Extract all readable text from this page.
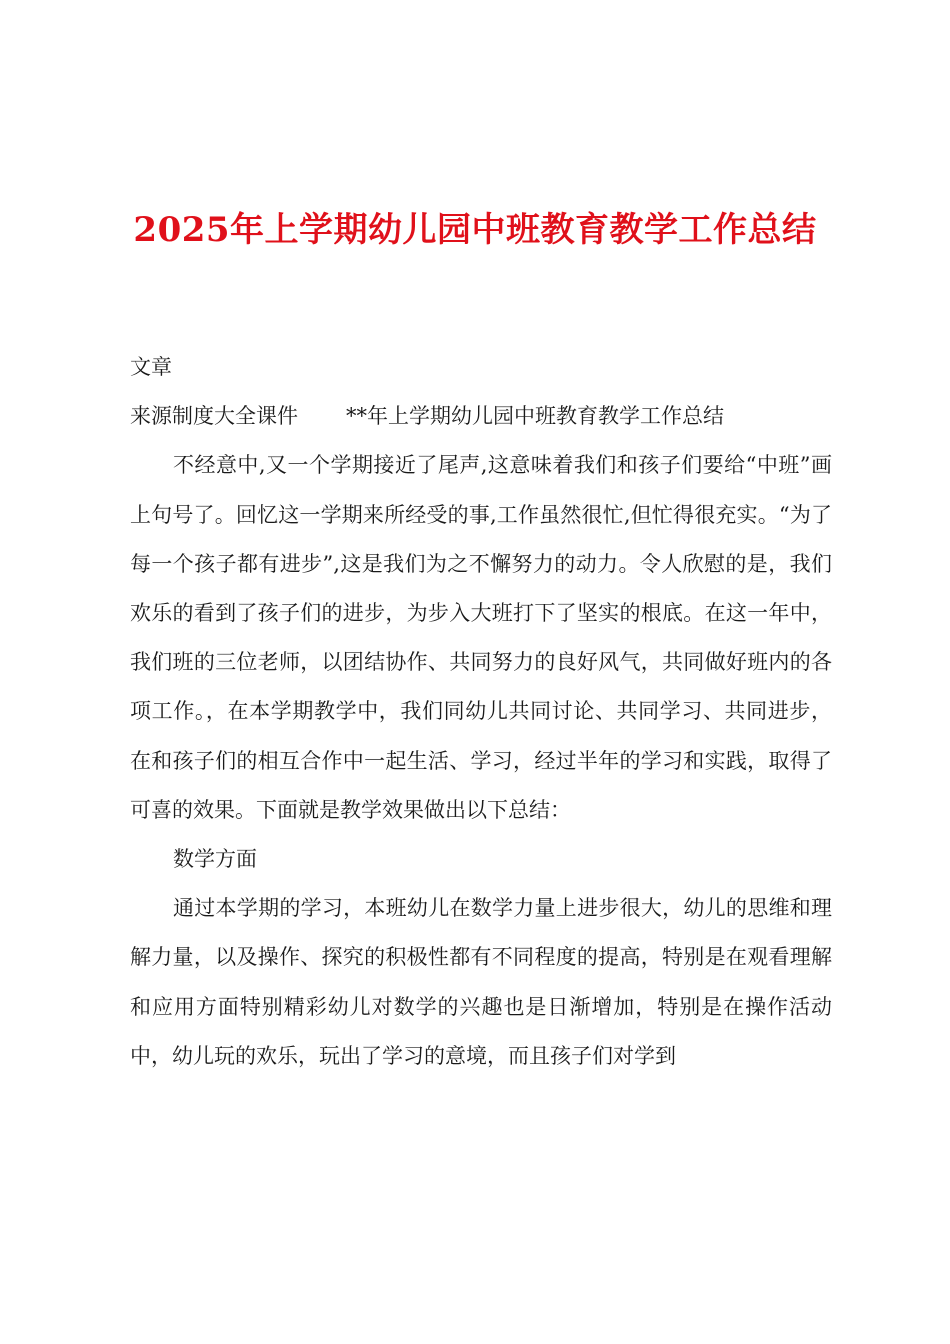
2025年上学期幼儿园中班教育教学工作总结

文章

来源制度大全课件 **年上学期幼儿园中班教育教学工作总结

不经意中,又一个学期接近了尾声,这意味着我们和孩子们要给“中班”画上句号了。回忆这一学期来所经受的事,工作虽然很忙,但忙得很充实。“为了每一个孩子都有进步”,这是我们为之不懈努力的动力。令人欣慰的是，我们欢乐的看到了孩子们的进步，为步入大班打下了坚实的根底。在这一年中，我们班的三位老师，以团结协作、共同努力的良好风气，共同做好班内的各项工作。，在本学期教学中，我们同幼儿共同讨论、共同学习、共同进步，在和孩子们的相互合作中一起生活、学习，经过半年的学习和实践，取得了可喜的效果。下面就是教学效果做出以下总结：

数学方面

通过本学期的学习，本班幼儿在数学力量上进步很大，幼儿的思维和理解力量，以及操作、探究的积极性都有不同程度的提高，特别是在观看理解和应用方面特别精彩幼儿对数学的兴趣也是日渐增加，特别是在操作活动中，幼儿玩的欢乐，玩出了学习的意境，而且孩子们对学到
